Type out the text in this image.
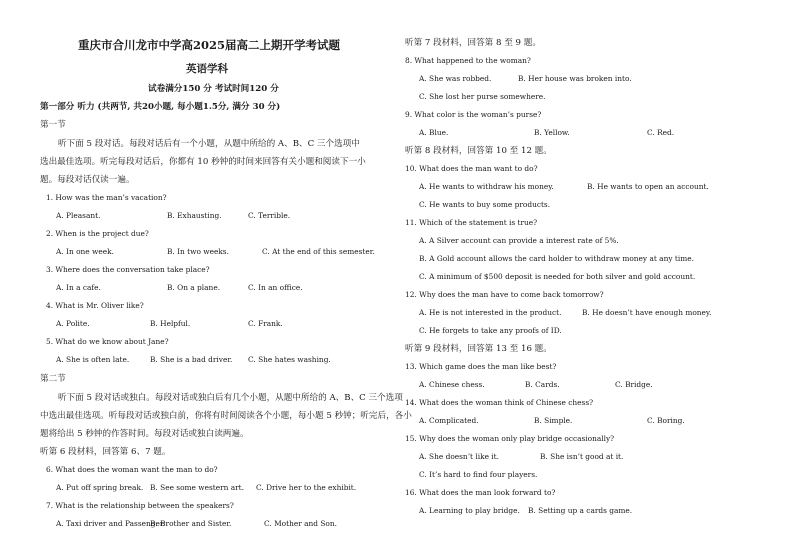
重庆市合川龙市中学高2025届高二上期开学考试题
英语学科
试卷满分150 分 考试时间120 分
第一部分 听力 (共两节, 共20小题, 每小题1.5分, 满分 30 分)
第一节
听下面 5 段对话。每段对话后有一个小题，从题中所给的 A、B、C 三个选项中
选出最佳选项。听完每段对话后，你都有 10 秒钟的时间来回答有关小题和阅读下一小
题。每段对话仅读一遍。
1. How was the man’s vacation?
A. Pleasant.	B. Exhausting.	C. Terrible.
2. When is the project due?
A. In one week.	B. In two weeks.	C. At the end of this semester.
3. Where does the conversation take place?
A. In a cafe.	B. On a plane.	C. In an office.
4. What is Mr. Oliver like?
A. Polite.	B. Helpful.	C. Frank.
5. What do we know about Jane?
A. She is often late.	B. She is a bad driver. C. She hates washing.
第二节
听下面 5 段对话或独白。每段对话或独白后有几个小题，从题中所给的 A、B、C 三个选项
中选出最佳选项。听每段对话或独白前，你将有时间阅读各个小题，每小题 5 秒钟；听完后，各小
题将给出 5 秒钟的作答时间。每段对话或独白读两遍。
听第 6 段材料，回答第 6、7 题。
6. What does the woman want the man to do?
A. Put off spring break. B. See some western art. C. Drive her to the exhibit.
7. What is the relationship between the speakers?
A. Taxi driver and Passenger.
B. Brother and Sister.	C. Mother and Son.
听第 7 段材料，回答第 8 至 9 题。
8. What happened to the woman?
A. She was robbed.	B. Her house was broken into.
C. She lost her purse somewhere.
9. What color is the woman’s purse?
A. Blue.	B. Yellow.	C. Red.
听第 8 段材料，回答第 10 至 12 题。
10. What does the man want to do?
A. He wants to withdraw his money.	B. He wants to open an account.
C. He wants to buy some products.
11. Which of the statement is true?
A. A Silver account can provide a interest rate of 5%.
B. A Gold account allows the card holder to withdraw money at any time.
C. A minimum of $500 deposit is needed for both silver and gold account.
12. Why does the man have to come back tomorrow?
A. He is not interested in the product.	B. He doesn’t have enough money.
C. He forgets to take any proofs of ID.
听第 9 段材料，回答第 13 至 16 题。
13. Which game does the man like best?
A. Chinese chess.	B. Cards.	C. Bridge.
14. What does the woman think of Chinese chess?
A. Complicated.	B. Simple.	C. Boring.
15. Why does the woman only play bridge occasionally?
A. She doesn’t like it.	B. She isn’t good at it.
C. It’s hard to find four players.
16. What does the man look forward to?
A. Learning to play bridge. B. Setting up a cards game.
